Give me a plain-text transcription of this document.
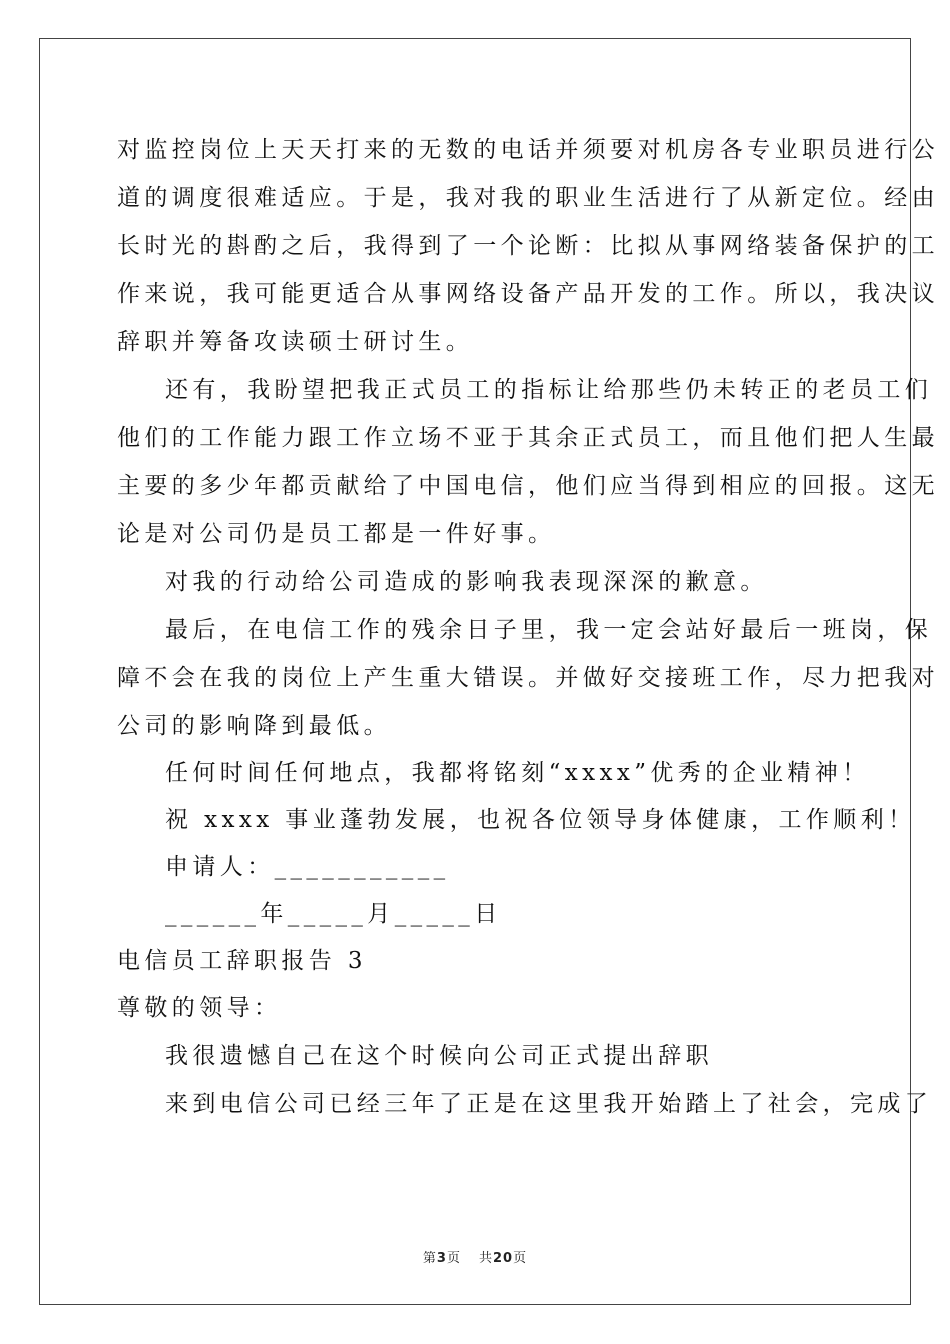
对监控岗位上天天打来的无数的电话并须要对机房各专业职员进行公
道的调度很难适应。于是，我对我的职业生活进行了从新定位。经由
长时光的斟酌之后，我得到了一个论断：比拟从事网络装备保护的工
作来说，我可能更适合从事网络设备产品开发的工作。所以，我决议
辞职并筹备攻读硕士研讨生。
还有，我盼望把我正式员工的指标让给那些仍未转正的老员工们
他们的工作能力跟工作立场不亚于其余正式员工，而且他们把人生最
主要的多少年都贡献给了中国电信，他们应当得到相应的回报。这无
论是对公司仍是员工都是一件好事。
对我的行动给公司造成的影响我表现深深的歉意。
最后，在电信工作的残余日子里，我一定会站好最后一班岗，保
障不会在我的岗位上产生重大错误。并做好交接班工作，尽力把我对
公司的影响降到最低。
任何时间任何地点，我都将铭刻“xxxx”优秀的企业精神！
祝 xxxx 事业蓬勃发展，也祝各位领导身体健康，工作顺利！
申请人：___________
______年_____月_____日
电信员工辞职报告 3
尊敬的领导：
我很遗憾自己在这个时候向公司正式提出辞职
来到电信公司已经三年了正是在这里我开始踏上了社会，完成了
第3页 共20页
